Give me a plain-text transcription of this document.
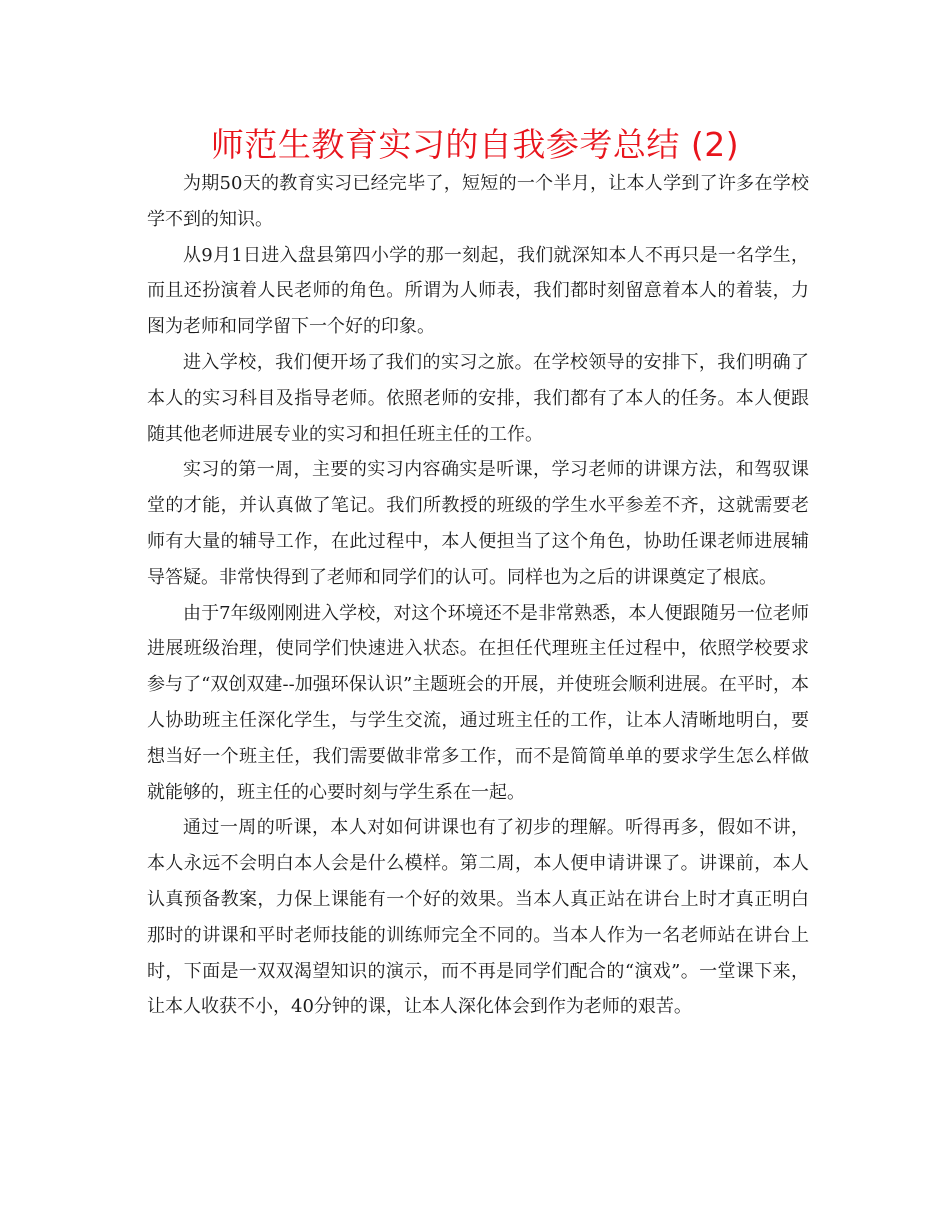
师范生教育实习的自我参考总结 (2)

为期50天的教育实习已经完毕了，短短的一个半月，让本人学到了许多在学校学不到的知识。

从9月1日进入盘县第四小学的那一刻起，我们就深知本人不再只是一名学生，而且还扮演着人民老师的角色。所谓为人师表，我们都时刻留意着本人的着装，力图为老师和同学留下一个好的印象。

进入学校，我们便开场了我们的实习之旅。在学校领导的安排下，我们明确了本人的实习科目及指导老师。依照老师的安排，我们都有了本人的任务。本人便跟随其他老师进展专业的实习和担任班主任的工作。

实习的第一周，主要的实习内容确实是听课，学习老师的讲课方法，和驾驭课堂的才能，并认真做了笔记。我们所教授的班级的学生水平参差不齐，这就需要老师有大量的辅导工作，在此过程中，本人便担当了这个角色，协助任课老师进展辅导答疑。非常快得到了老师和同学们的认可。同样也为之后的讲课奠定了根底。

由于7年级刚刚进入学校，对这个环境还不是非常熟悉，本人便跟随另一位老师进展班级治理，使同学们快速进入状态。在担任代理班主任过程中，依照学校要求参与了“双创双建--加强环保认识”主题班会的开展，并使班会顺利进展。在平时，本人协助班主任深化学生，与学生交流，通过班主任的工作，让本人清晰地明白，要想当好一个班主任，我们需要做非常多工作，而不是简简单单的要求学生怎么样做就能够的，班主任的心要时刻与学生系在一起。

通过一周的听课，本人对如何讲课也有了初步的理解。听得再多，假如不讲，本人永远不会明白本人会是什么模样。第二周，本人便申请讲课了。讲课前，本人认真预备教案，力保上课能有一个好的效果。当本人真正站在讲台上时才真正明白那时的讲课和平时老师技能的训练师完全不同的。当本人作为一名老师站在讲台上时，下面是一双双渴望知识的演示，而不再是同学们配合的“演戏”。一堂课下来，让本人收获不小，40分钟的课，让本人深化体会到作为老师的艰苦。
